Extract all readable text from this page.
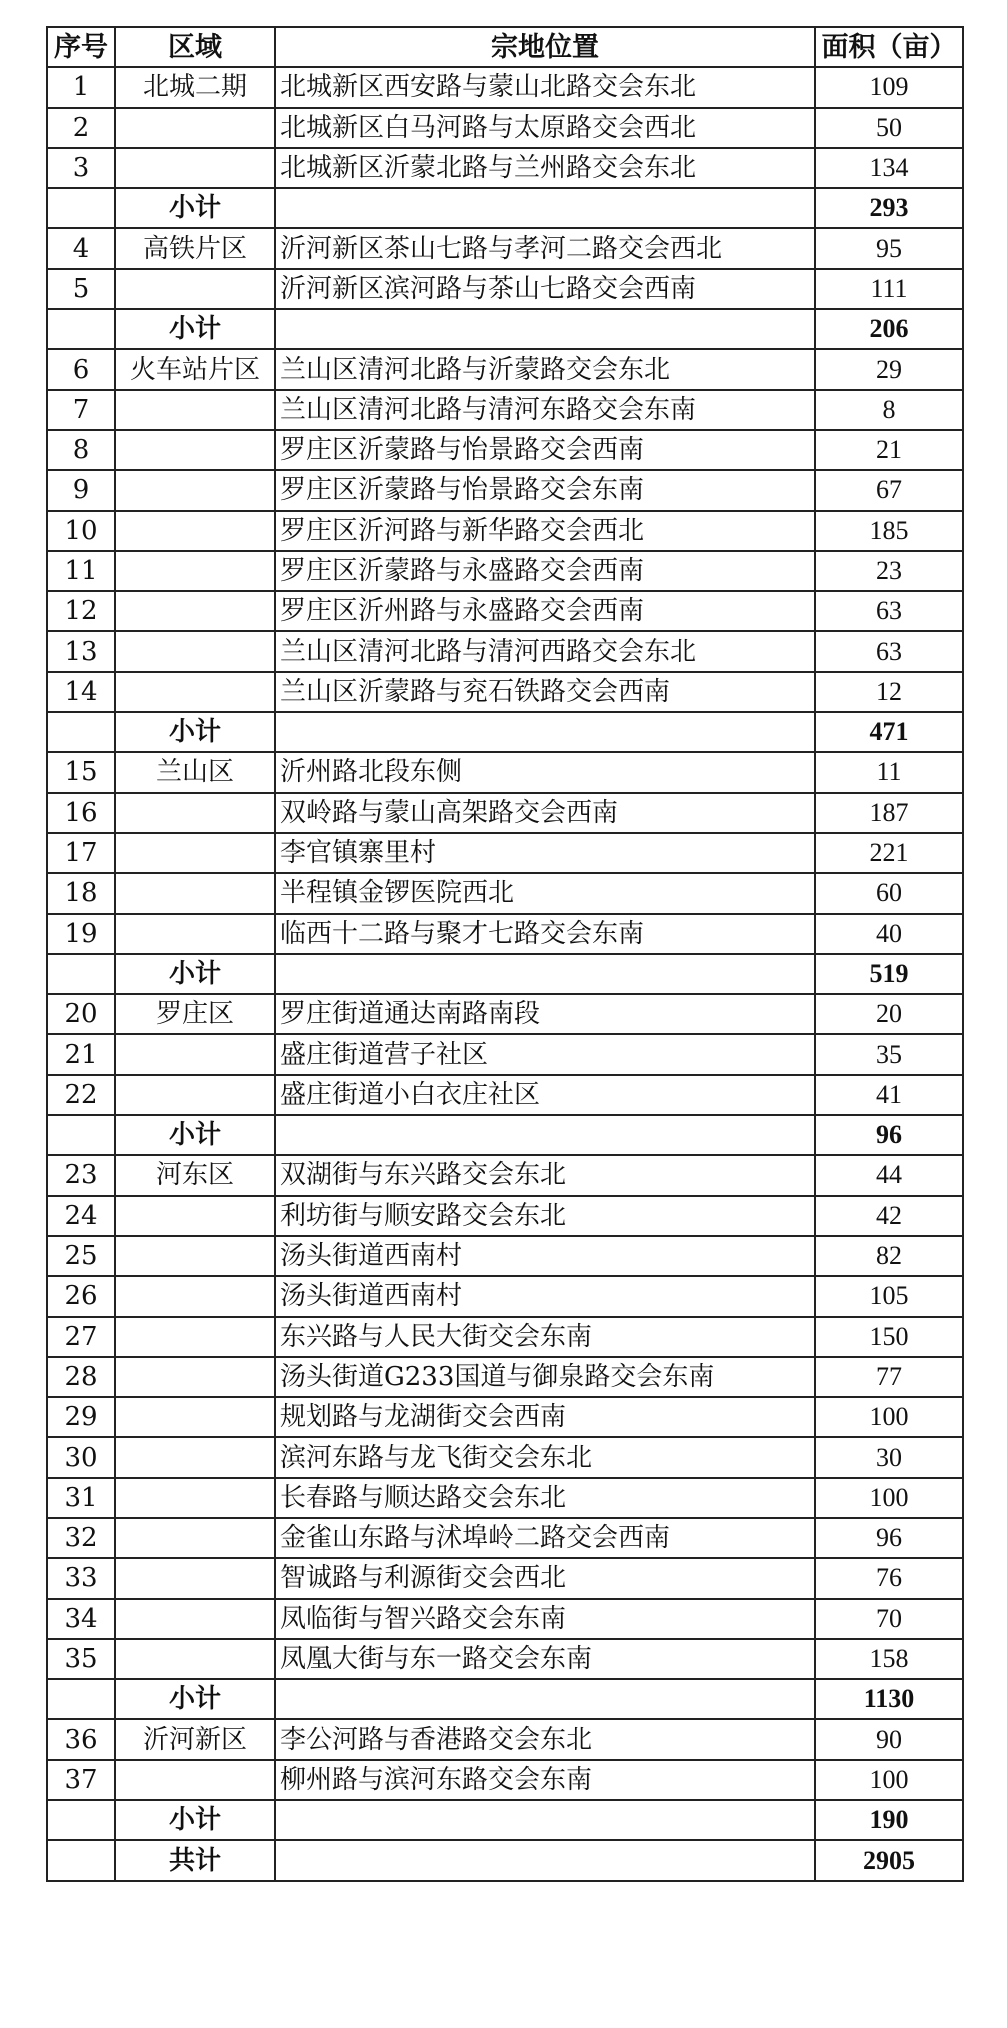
序号	区域	宗地位置	面积（亩）
1	北城二期	北城新区西安路与蒙山北路交会东北	109
2		北城新区白马河路与太原路交会西北	50
3		北城新区沂蒙北路与兰州路交会东北	134
	小计		293
4	高铁片区	沂河新区茶山七路与孝河二路交会西北	95
5		沂河新区滨河路与茶山七路交会西南	111
	小计		206
6	火车站片区	兰山区清河北路与沂蒙路交会东北	29
7		兰山区清河北路与清河东路交会东南	8
8		罗庄区沂蒙路与怡景路交会西南	21
9		罗庄区沂蒙路与怡景路交会东南	67
10		罗庄区沂河路与新华路交会西北	185
11		罗庄区沂蒙路与永盛路交会西南	23
12		罗庄区沂州路与永盛路交会西南	63
13		兰山区清河北路与清河西路交会东北	63
14		兰山区沂蒙路与兖石铁路交会西南	12
	小计		471
15	兰山区	沂州路北段东侧	11
16		双岭路与蒙山高架路交会西南	187
17		李官镇寨里村	221
18		半程镇金锣医院西北	60
19		临西十二路与聚才七路交会东南	40
	小计		519
20	罗庄区	罗庄街道通达南路南段	20
21		盛庄街道营子社区	35
22		盛庄街道小白衣庄社区	41
	小计		96
23	河东区	双湖街与东兴路交会东北	44
24		利坊街与顺安路交会东北	42
25		汤头街道西南村	82
26		汤头街道西南村	105
27		东兴路与人民大街交会东南	150
28		汤头街道G233国道与御泉路交会东南	77
29		规划路与龙湖街交会西南	100
30		滨河东路与龙飞街交会东北	30
31		长春路与顺达路交会东北	100
32		金雀山东路与沭埠岭二路交会西南	96
33		智诚路与利源街交会西北	76
34		凤临街与智兴路交会东南	70
35		凤凰大街与东一路交会东南	158
	小计		1130
36	沂河新区	李公河路与香港路交会东北	90
37		柳州路与滨河东路交会东南	100
	小计		190
	共计		2905
